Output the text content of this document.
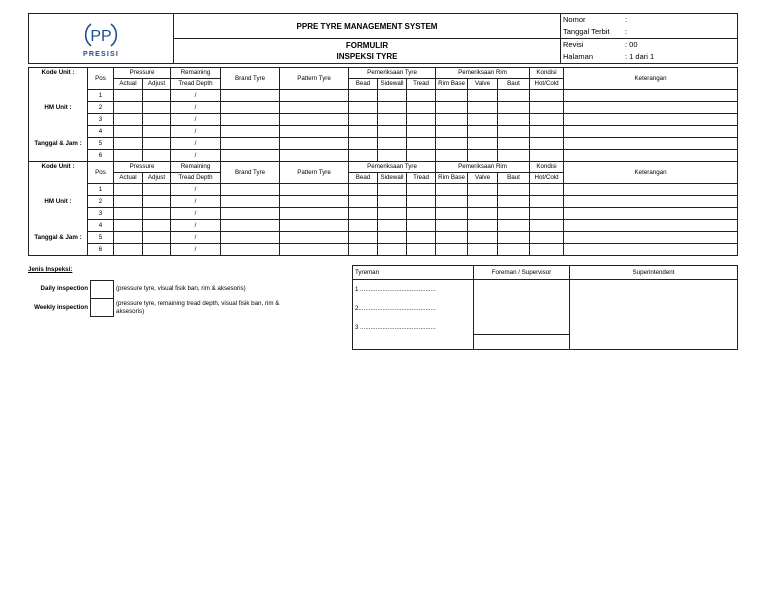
PP
PRESISI	PPRE TYRE MANAGEMENT SYSTEM	Nomor :
		Tanggal Terbit :

	FORMULIR
INSPEKSI TYRE	Revisi : 00
		Halaman : 1 dari 1
Jenis Inspeksi:
Daily inspection	(pressure tyre, visual fisik ban, rim & aksesoris)
Weekly inspection
(pressure tyre, remaining tread depth, visual fisik ban, rim & aksesoris)
Tyreman	Foreman / Supervisor	Superintendent

1 ............................................
2.............................................
3 ............................................		

Kode Unit :	Pos	Pressure		Remaining	Brand Tyre	Pattern Tyre	Pemeriksaan Tyre			Pemeriksaan Rim			Kondisi	Keterangan
		Actual	Adjust	Tread Depth			Bead	Sidewall	Tread	Rim Base	Valve	Baut	Hot/Cold	
	1			/										
HM Unit :	2			/										
	3			/										
	4			/										
Tanggal & Jam :	5			/										
	6			/										
Kode Unit :	Pos	Pressure		Remaining	Brand Tyre	Pattern Tyre	Pemeriksaan Tyre			Pemeriksaan Rim			Kondisi	Keterangan
		Actual	Adjust	Tread Depth			Bead	Sidewall	Tread	Rim Base	Valve	Baut	Hot/Cold	
	1			/										
HM Unit :	2			/										
	3			/										
	4			/										
Tanggal & Jam :	5			/										
	6			/										
